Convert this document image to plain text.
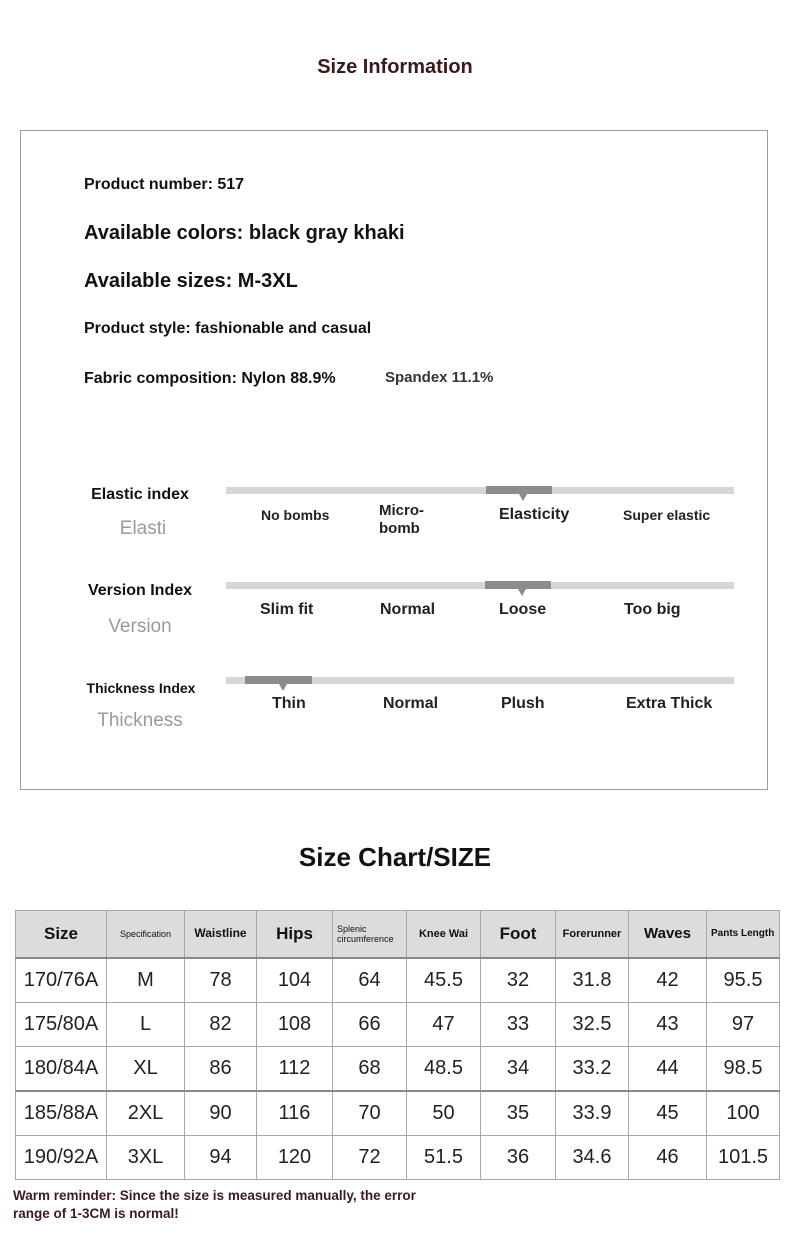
Size Information
Product number: 517
Available colors: black gray khaki
Available sizes: M-3XL
Product style: fashionable and casual
Fabric composition: Nylon 88.9%	Spandex 11.1%
Elastic index
Elasti
No bombs	Micro-
bomb
Elasticity	Super elastic
Version Index
Version
Slim fit	Normal	Loose	Too big
Thickness Index
Thickness
Thin	Normal	Plush	Extra Thick
Size Chart/SIZE
Size	Specification	Waistline	Hips	Splenic circumference	Knee Wai	Foot	Forerunner	Waves	Pants Length
170/76A	M	78	104	64	45.5	32	31.8	42	95.5
175/80A	L	82	108	66	47	33	32.5	43	97
180/84A	XL	86	112	68	48.5	34	33.2	44	98.5
185/88A	2XL	90	116	70	50	35	33.9	45	100
190/92A	3XL	94	120	72	51.5	36	34.6	46	101.5
Warm reminder: Since the size is measured manually, the error range of 1-3CM is normal!
